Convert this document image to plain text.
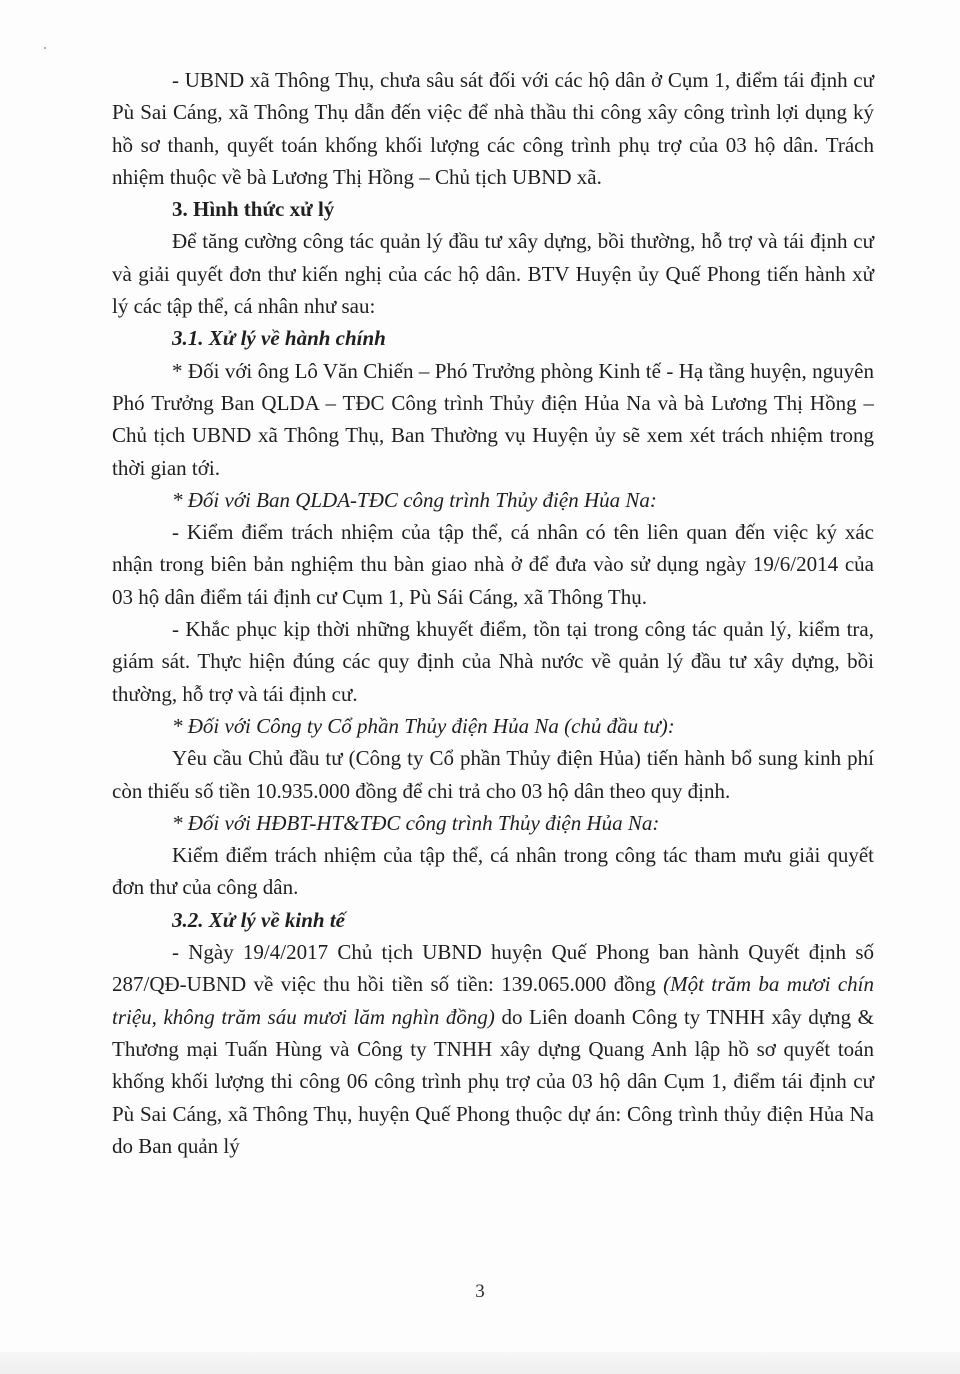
- UBND xã Thông Thụ, chưa sâu sát đối với các hộ dân ở Cụm 1, điểm tái định cư Pù Sai Cáng, xã Thông Thụ dẫn đến việc để nhà thầu thi công xây công trình lợi dụng ký hồ sơ thanh, quyết toán khống khối lượng các công trình phụ trợ của 03 hộ dân. Trách nhiệm thuộc về bà Lương Thị Hồng – Chủ tịch UBND xã.

3. Hình thức xử lý

Để tăng cường công tác quản lý đầu tư xây dựng, bồi thường, hỗ trợ và tái định cư và giải quyết đơn thư kiến nghị của các hộ dân. BTV Huyện ủy Quế Phong tiến hành xử lý các tập thể, cá nhân như sau:

3.1. Xử lý về hành chính

* Đối với ông Lô Văn Chiến – Phó Trưởng phòng Kinh tế - Hạ tầng huyện, nguyên Phó Trưởng Ban QLDA – TĐC Công trình Thủy điện Hủa Na và bà Lương Thị Hồng – Chủ tịch UBND xã Thông Thụ, Ban Thường vụ Huyện ủy sẽ xem xét trách nhiệm trong thời gian tới.

* Đối với Ban QLDA-TĐC công trình Thủy điện Hủa Na:

- Kiểm điểm trách nhiệm của tập thể, cá nhân có tên liên quan đến việc ký xác nhận trong biên bản nghiệm thu bàn giao nhà ở để đưa vào sử dụng ngày 19/6/2014 của 03 hộ dân điểm tái định cư Cụm 1, Pù Sái Cáng, xã Thông Thụ.

- Khắc phục kịp thời những khuyết điểm, tồn tại trong công tác quản lý, kiểm tra, giám sát. Thực hiện đúng các quy định của Nhà nước về quản lý đầu tư xây dựng, bồi thường, hỗ trợ và tái định cư.

* Đối với Công ty Cổ phần Thủy điện Hủa Na (chủ đầu tư):

Yêu cầu Chủ đầu tư (Công ty Cổ phần Thủy điện Hủa) tiến hành bổ sung kinh phí còn thiếu số tiền 10.935.000 đồng để chi trả cho 03 hộ dân theo quy định.

* Đối với HĐBT-HT&TĐC công trình Thủy điện Hủa Na:

Kiểm điểm trách nhiệm của tập thể, cá nhân trong công tác tham mưu giải quyết đơn thư của công dân.

3.2. Xử lý về kinh tế

- Ngày 19/4/2017 Chủ tịch UBND huyện Quế Phong ban hành Quyết định số 287/QĐ-UBND về việc thu hồi tiền số tiền: 139.065.000 đồng (Một trăm ba mươi chín triệu, không trăm sáu mươi lăm nghìn đồng) do Liên doanh Công ty TNHH xây dựng & Thương mại Tuấn Hùng và Công ty TNHH xây dựng Quang Anh lập hồ sơ quyết toán khống khối lượng thi công 06 công trình phụ trợ của 03 hộ dân Cụm 1, điểm tái định cư Pù Sai Cáng, xã Thông Thụ, huyện Quế Phong thuộc dự án: Công trình thủy điện Hủa Na do Ban quản lý

3
